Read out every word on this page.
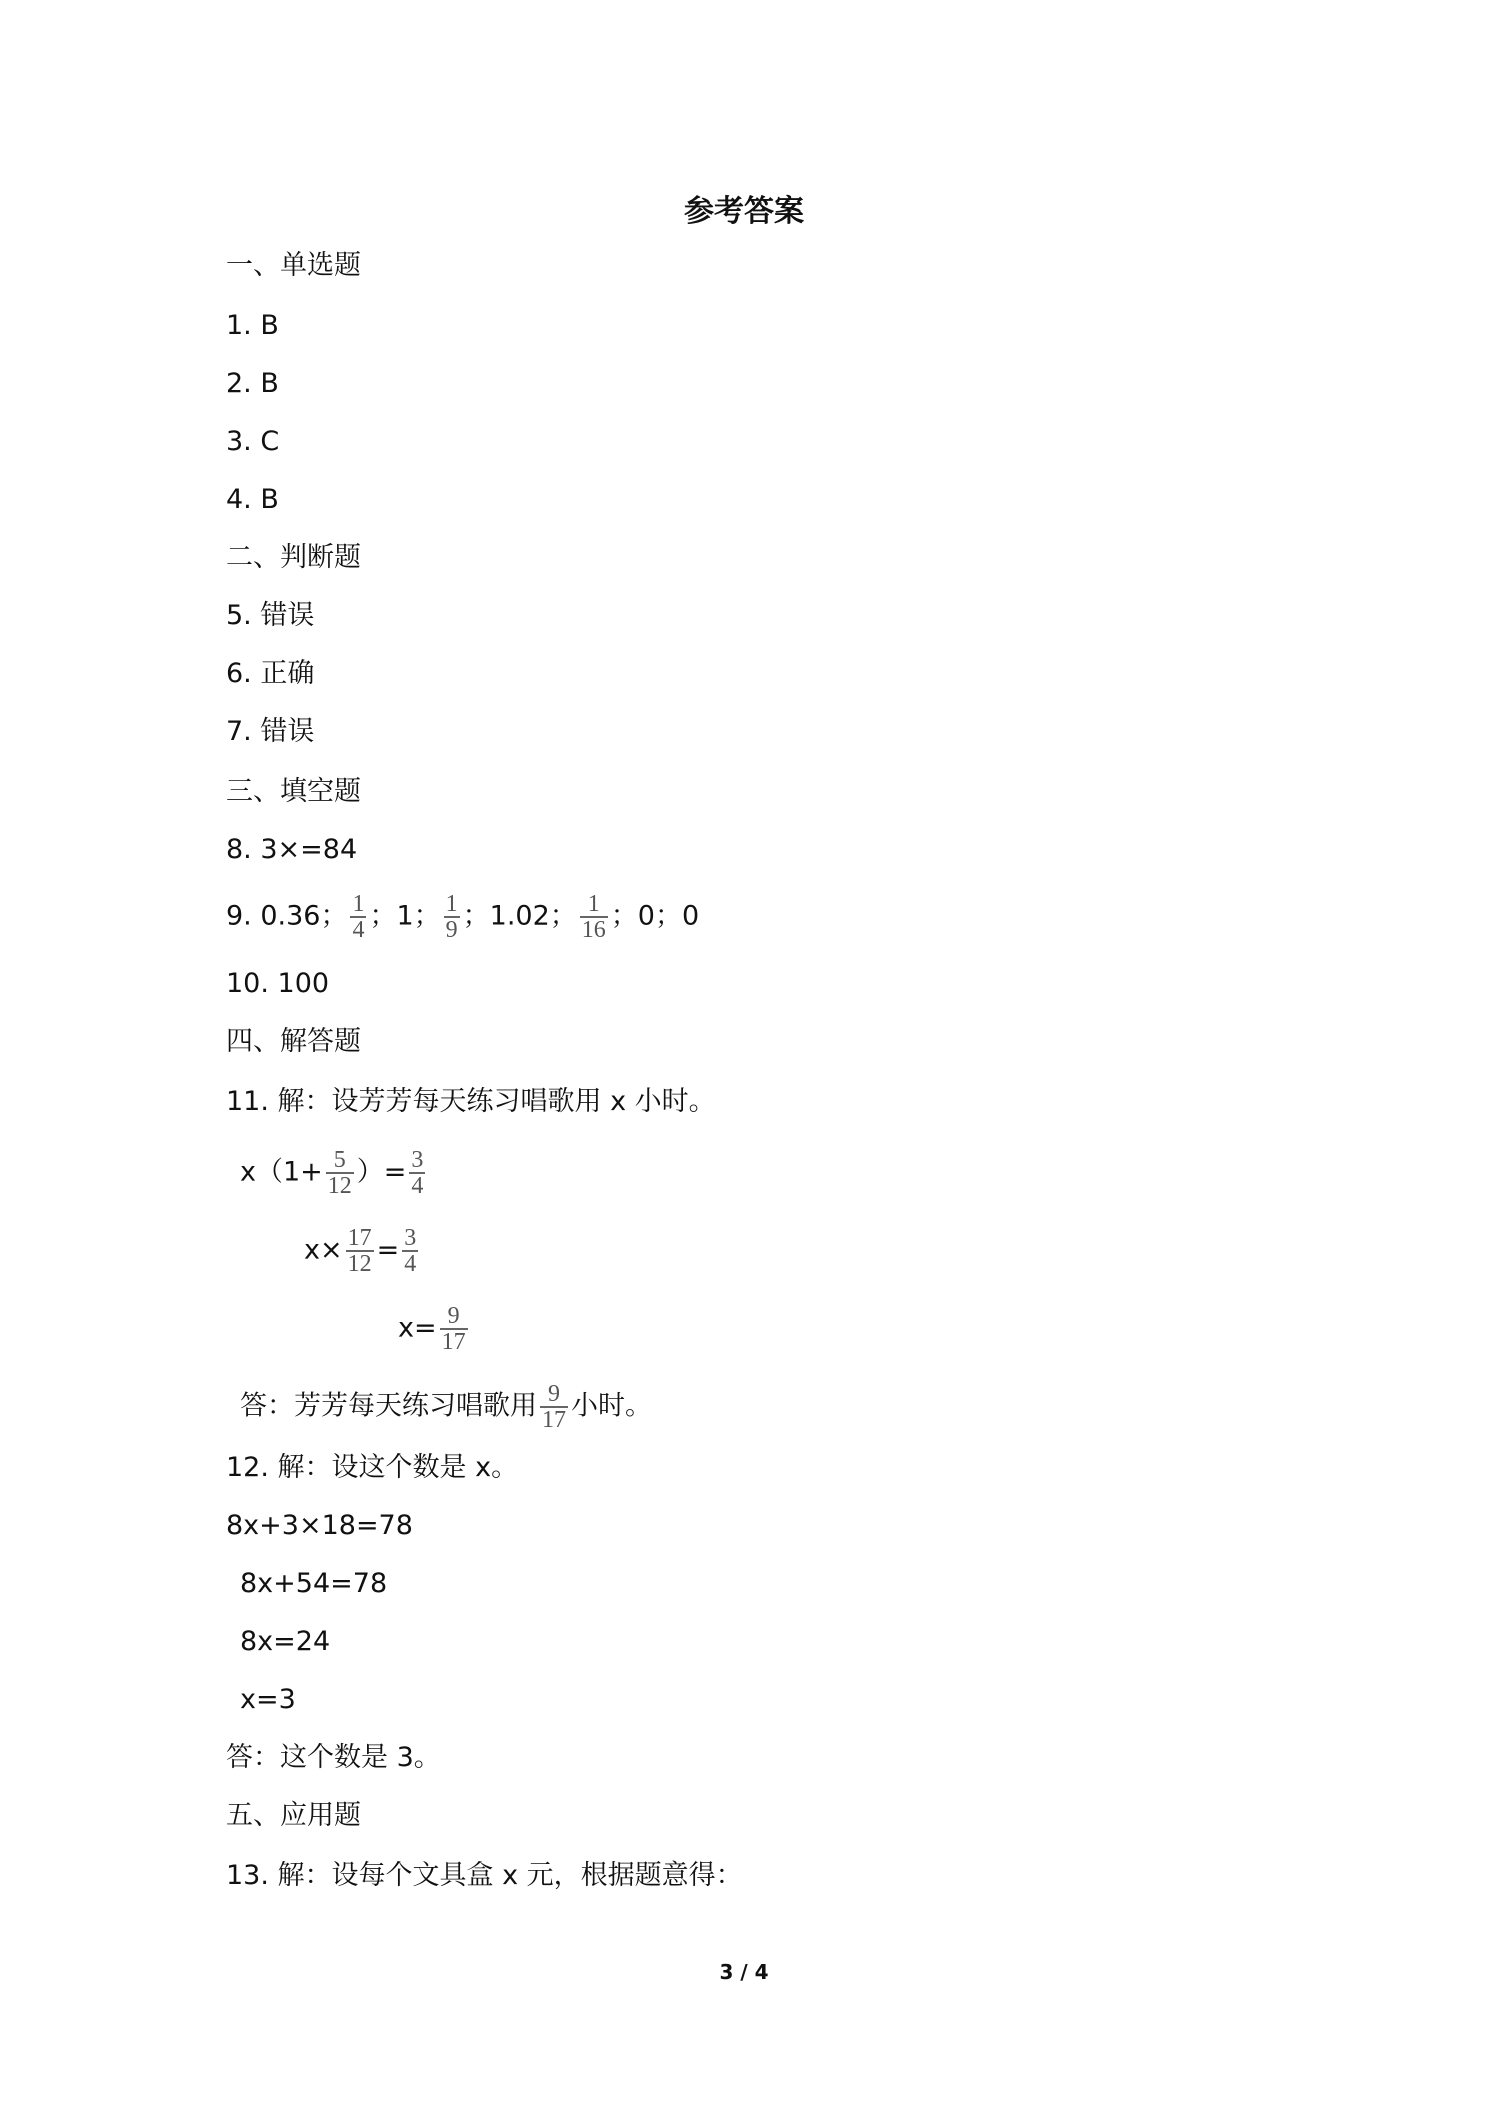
参考答案
一、单选题
1. B
2. B
3. C
4. B
二、判断题
5. 错误
6. 正确
7. 错误
三、填空题
8. 3×=84
9. 0.36； $\frac{1}{4}$ ；1； $\frac{1}{9}$ ；1.02； $\frac{1}{16}$ ；0；0
10. 100
四、解答题
11. 解：设芳芳每天练习唱歌用 x 小时。
$x(1+ \frac{5}{12}$ ）= $\frac{3}{4}$
$x\times \frac{17}{12} = \frac{3}{4}$
$x= \frac{9}{17}$
答：芳芳每天练习唱歌用 $\frac{9}{17}$ 小时。
12. 解：设这个数是 x。
8x+3×18=78
8x+54=78
8x=24
x=3
答：这个数是 3。
五、应用题
13. 解：设每个文具盒 x 元，根据题意得：
3 / 4
